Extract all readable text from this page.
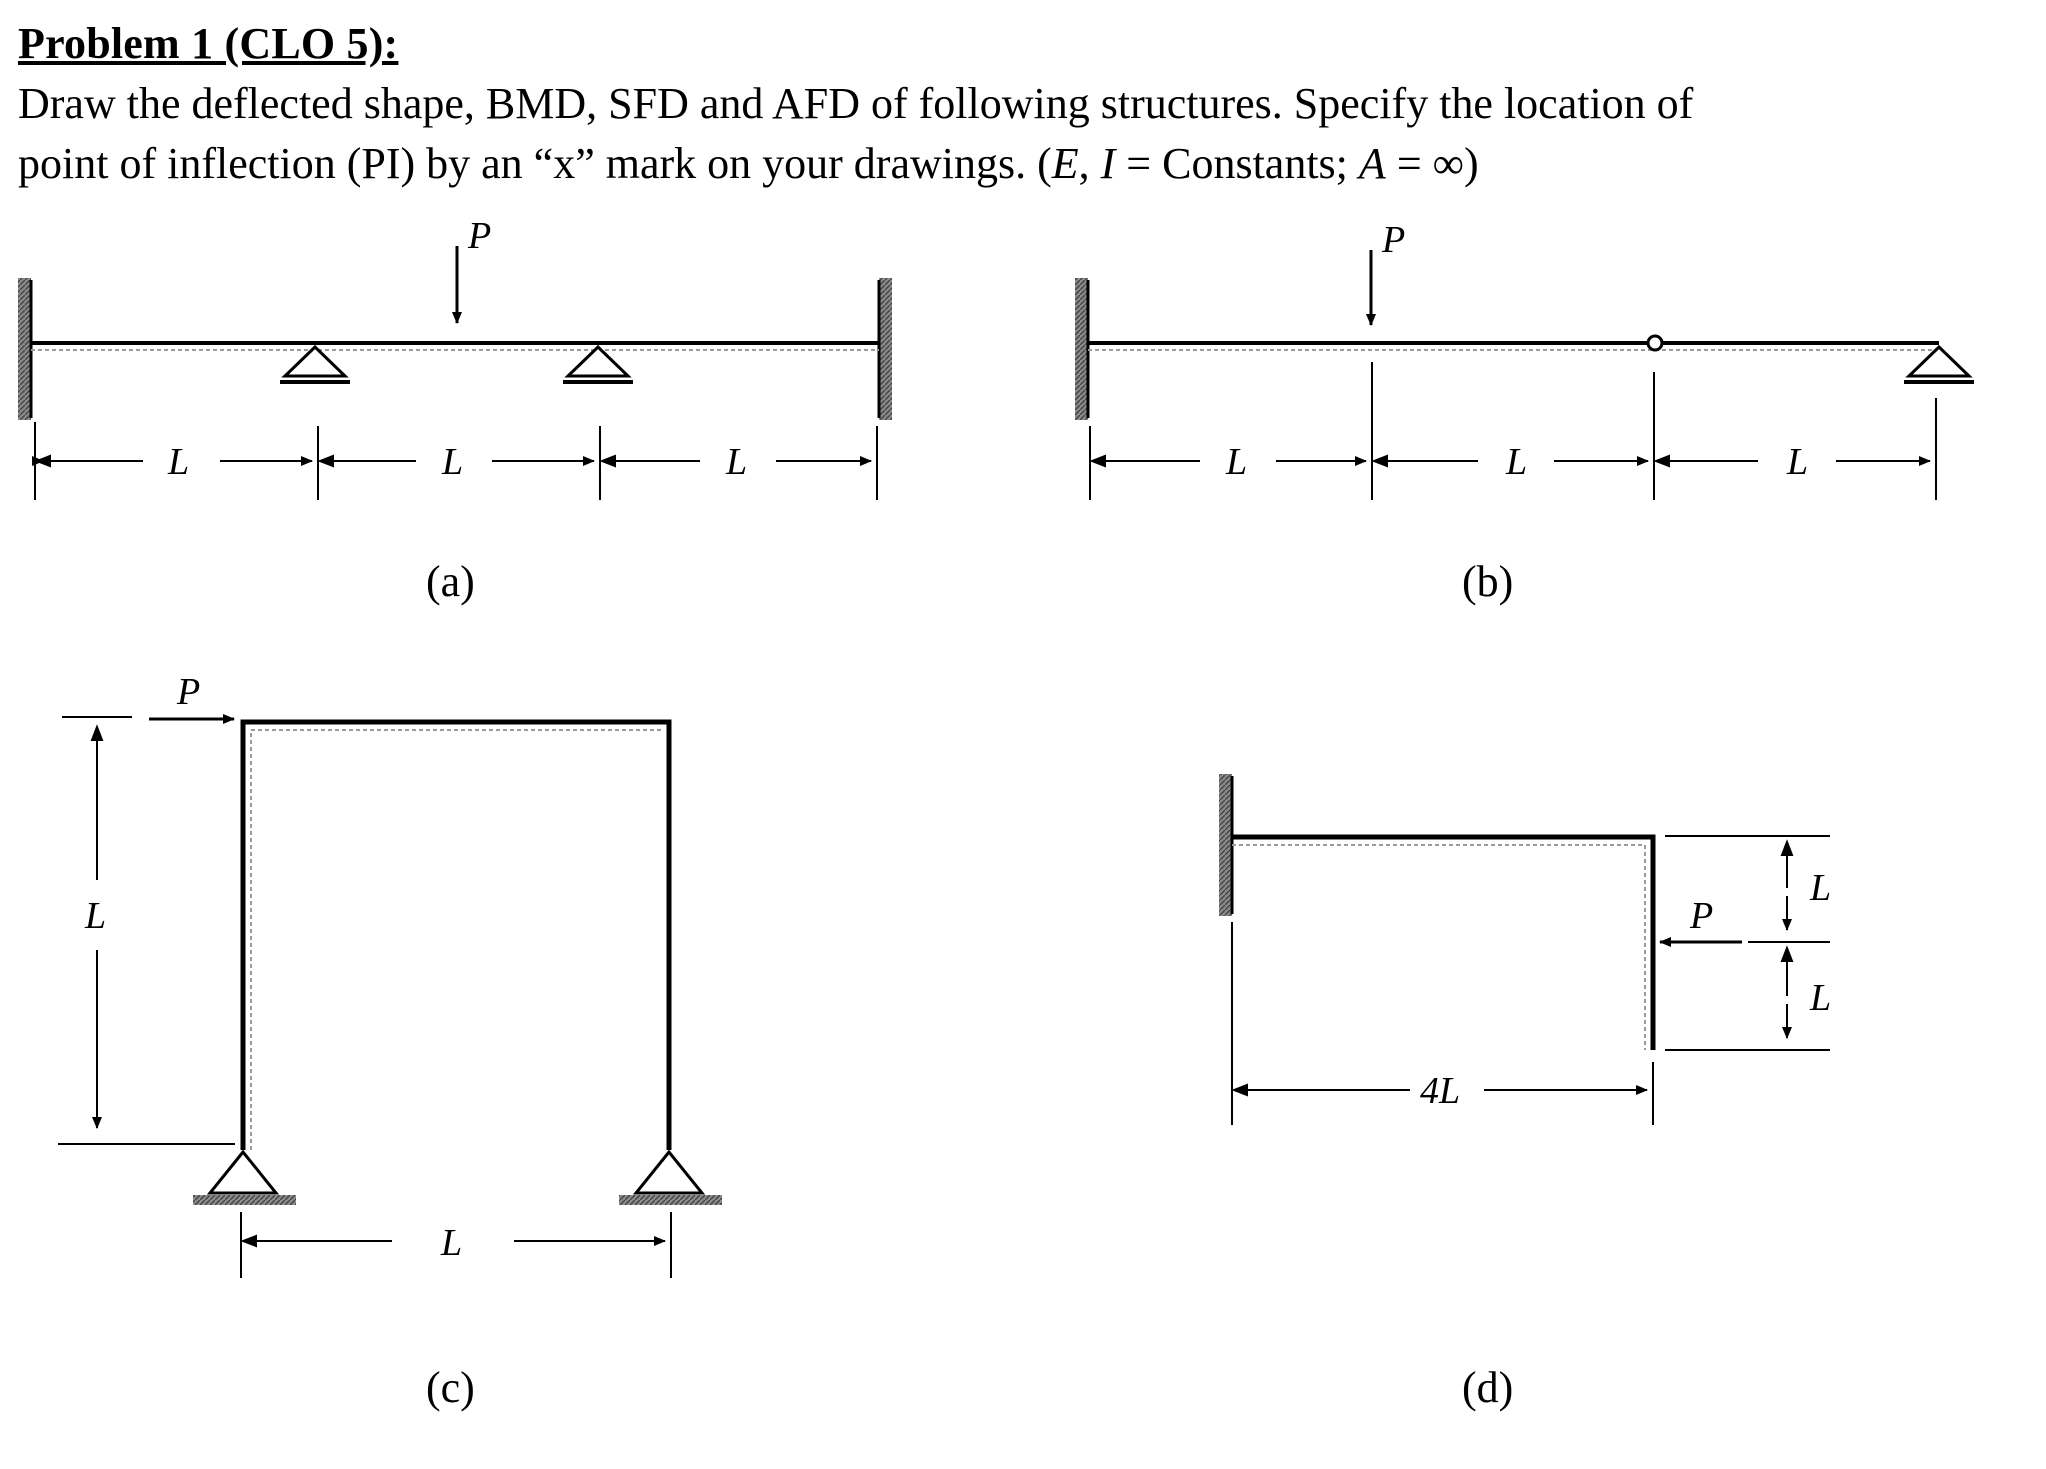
Problem 1 (CLO 5):
Draw the deflected shape, BMD, SFD and AFD of following structures. Specify the location of
point of inflection (PI) by an “x” mark on your drawings. (E, I = Constants; A = ∞)
P
L	L	L
(a)
P
L	L	L
(b)
P
L
L
(c)
P
L
L
4L
(d)
